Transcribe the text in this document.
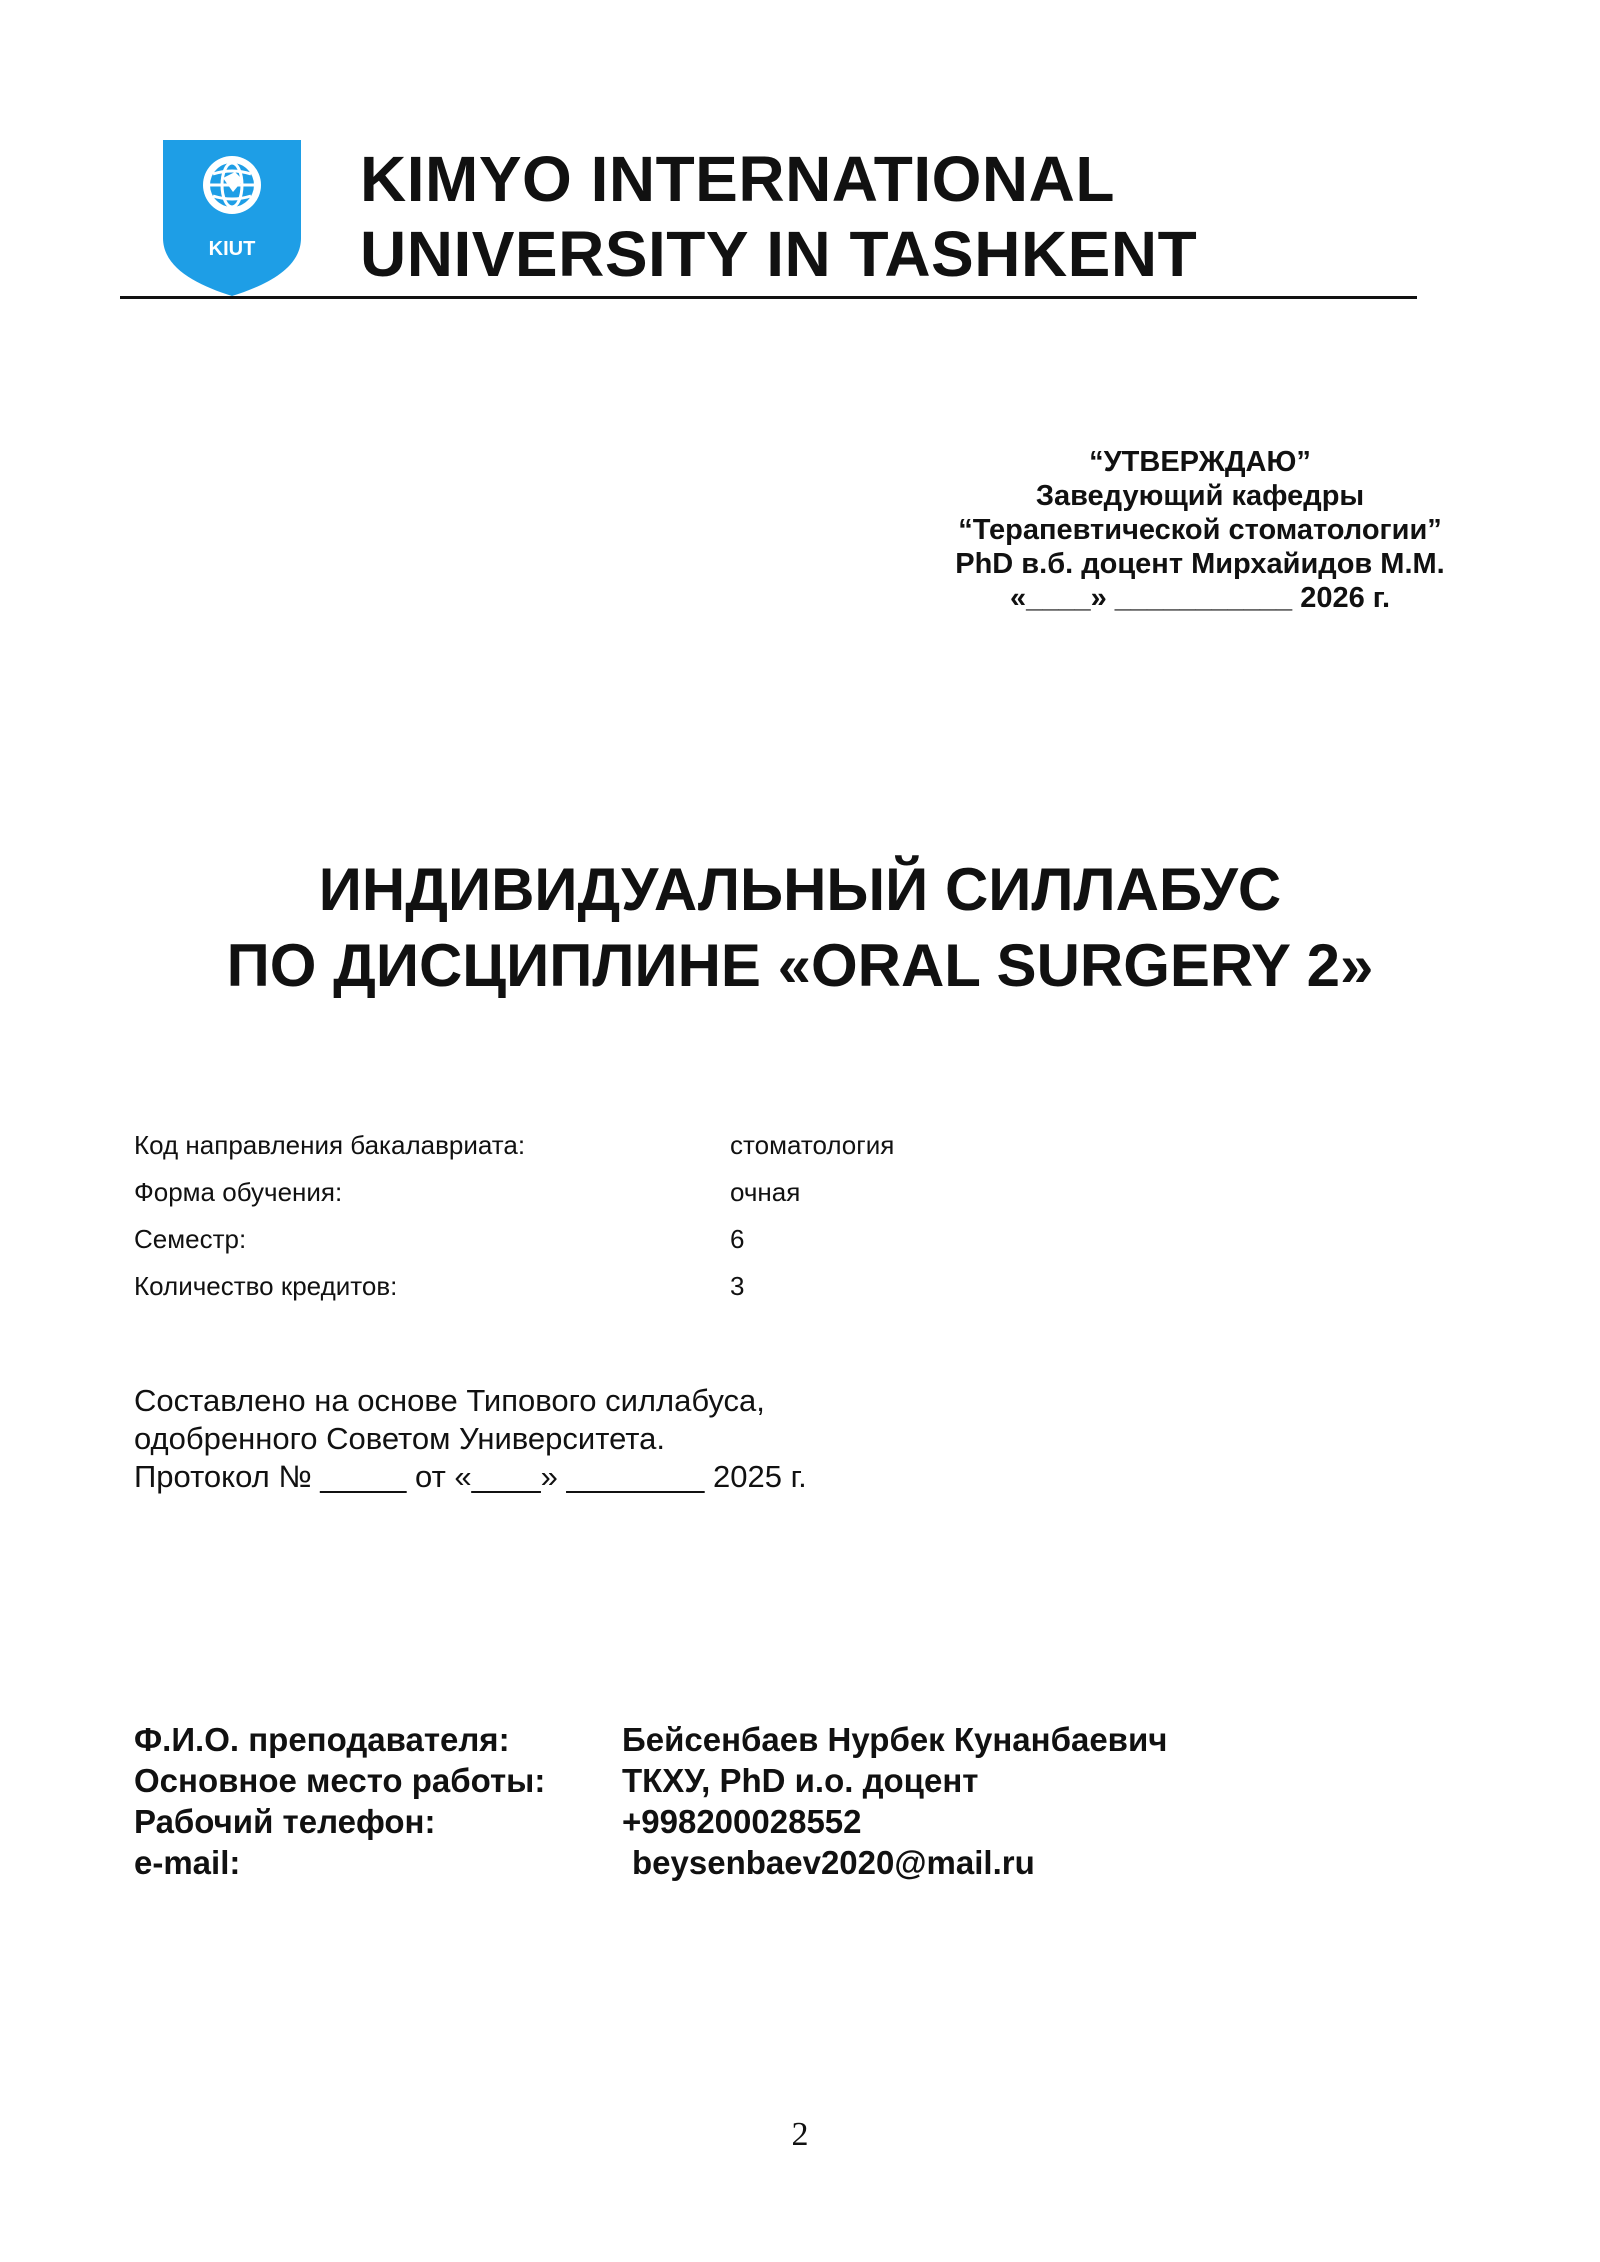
KIUT
KIMYO INTERNATIONAL
UNIVERSITY IN TASHKENT
“УТВЕРЖДАЮ”
Заведующий кафедры
“Терапевтической стоматологии”
PhD в.б. доцент Мирхайидов М.М.
«____» ___________ 2026 г.
ИНДИВИДУАЛЬНЫЙ СИЛЛАБУС
ПО ДИСЦИПЛИНЕ «ORAL SURGERY 2»
Код направления бакалавриата:	стоматология
Форма обучения:	очная
Семестр:	6
Количество кредитов:	3
Составлено на основе Типового силлабуса,
одобренного Советом Университета.
Протокол № _____ от «____» ________ 2025 г.
Ф.И.О. преподавателя:	Бейсенбаев Нурбек Кунанбаевич
Основное место работы: ТКХУ, PhD и.о. доцент
Рабочий телефон:	+998200028552
e-mail:	beysenbaev2020@mail.ru
2
